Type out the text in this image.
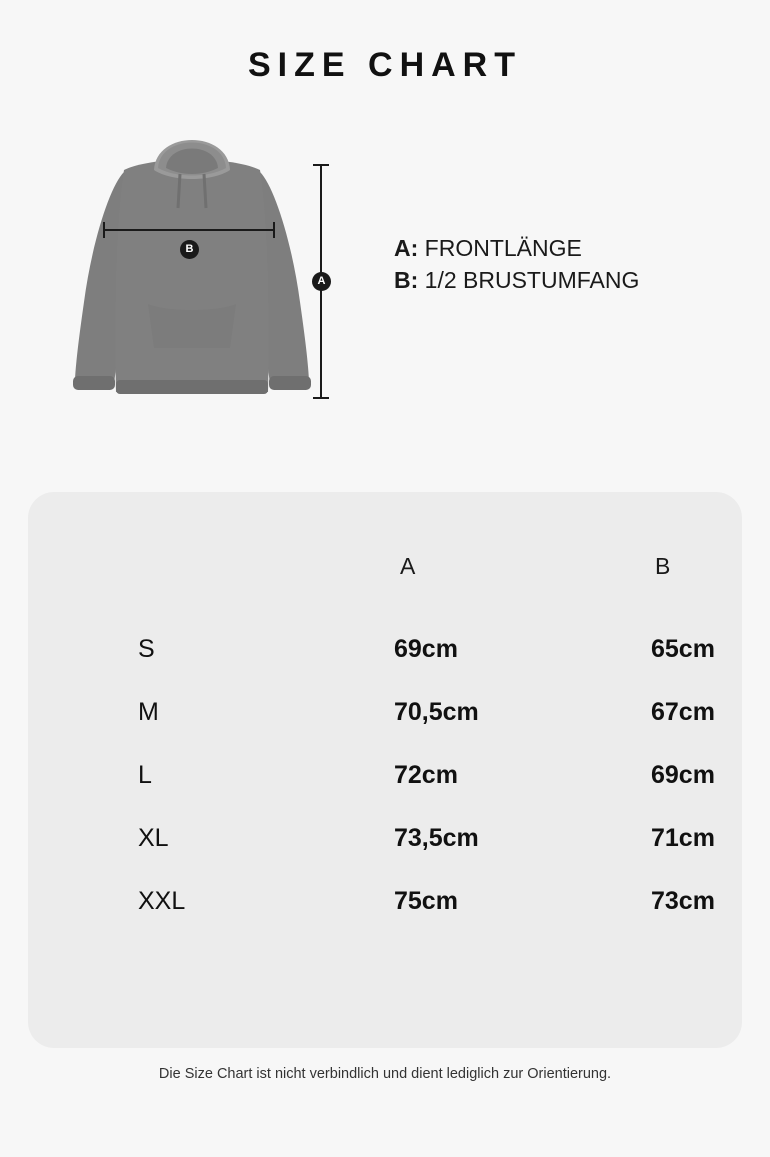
SIZE CHART
B
A
A: FRONTLÄNGE
B: 1/2 BRUSTUMFANG
	A	B
S	69cm	65cm
M	70,5cm	67cm
L	72cm	69cm
XL	73,5cm	71cm
XXL	75cm	73cm
Die Size Chart ist nicht verbindlich und dient lediglich zur Orientierung.
